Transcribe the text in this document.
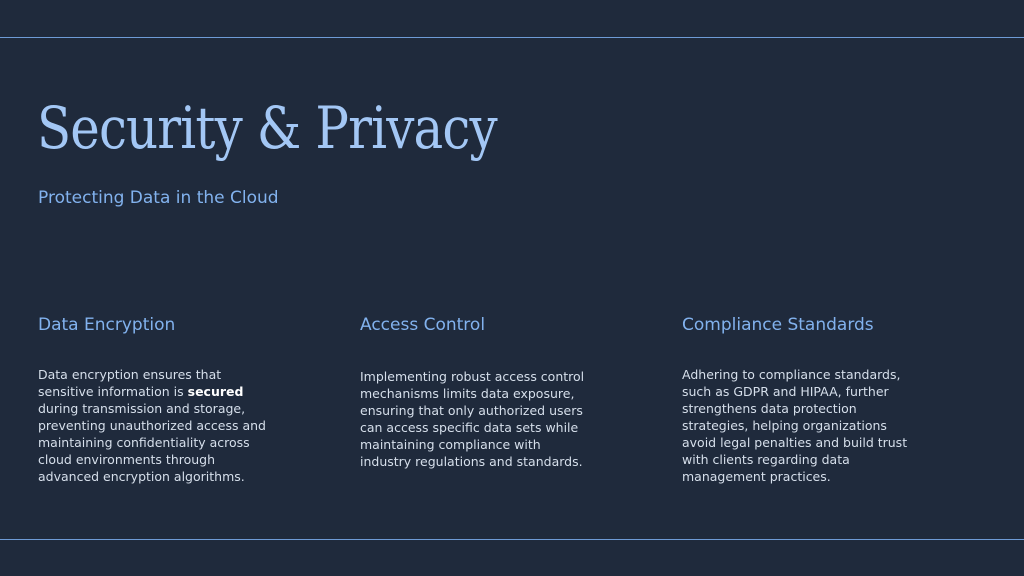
Security & Privacy

Protecting Data in the Cloud

Data Encryption

Data encryption ensures that sensitive information is secured during transmission and storage, preventing unauthorized access and maintaining confidentiality across cloud environments through advanced encryption algorithms.

Access Control

Implementing robust access control mechanisms limits data exposure, ensuring that only authorized users can access specific data sets while maintaining compliance with industry regulations and standards.

Compliance Standards

Adhering to compliance standards, such as GDPR and HIPAA, further strengthens data protection strategies, helping organizations avoid legal penalties and build trust with clients regarding data management practices.
